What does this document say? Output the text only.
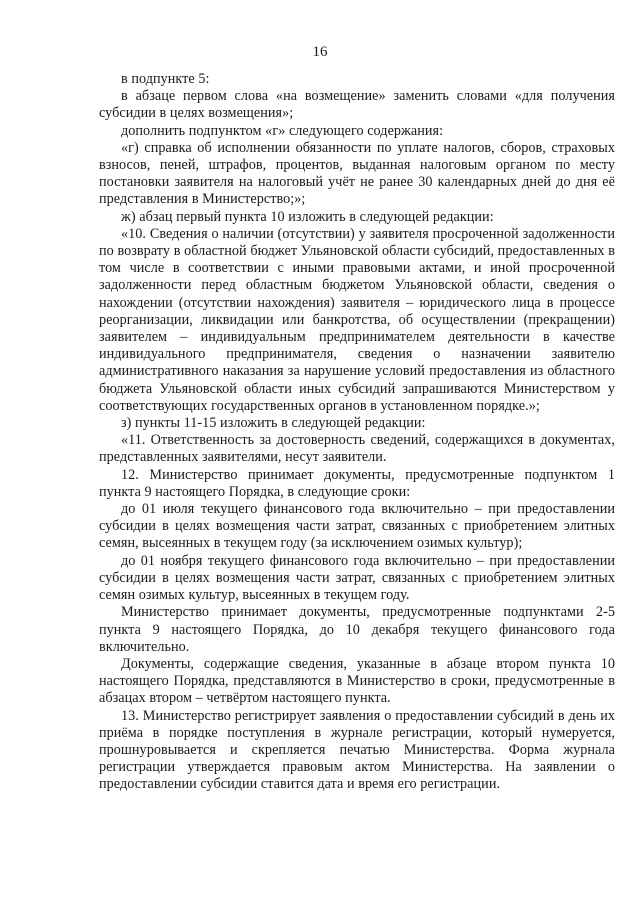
16

в подпункте 5:

в абзаце первом слова «на возмещение» заменить словами «для получения субсидии в целях возмещения»;

дополнить подпунктом «г» следующего содержания:

«г) справка об исполнении обязанности по уплате налогов, сборов, страховых взносов, пеней, штрафов, процентов, выданная налоговым органом по месту постановки заявителя на налоговый учёт не ранее 30 календарных дней до дня её представления в Министерство;»;

ж) абзац первый пункта 10 изложить в следующей редакции:

«10. Сведения о наличии (отсутствии) у заявителя просроченной задолженности по возврату в областной бюджет Ульяновской области субсидий, предоставленных в том числе в соответствии с иными правовыми актами, и иной просроченной задолженности перед областным бюджетом Ульяновской области, сведения о нахождении (отсутствии нахождения) заявителя – юридического лица в процессе реорганизации, ликвидации или банкротства, об осуществлении (прекращении) заявителем – индивидуальным предпринимателем деятельности в качестве индивидуального предпринимателя, сведения о назначении заявителю административного наказания за нарушение условий предоставления из областного бюджета Ульяновской области иных субсидий запрашиваются Министерством у соответствующих государственных органов в установленном порядке.»;

з) пункты 11-15 изложить в следующей редакции:

«11. Ответственность за достоверность сведений, содержащихся в документах, представленных заявителями, несут заявители.

12. Министерство принимает документы, предусмотренные подпунктом 1 пункта 9 настоящего Порядка, в следующие сроки:

до 01 июля текущего финансового года включительно – при предоставлении субсидии в целях возмещения части затрат, связанных с приобретением элитных семян, высеянных в текущем году (за исключением озимых культур);

до 01 ноября текущего финансового года включительно – при предоставлении субсидии в целях возмещения части затрат, связанных с приобретением элитных семян озимых культур, высеянных в текущем году.

Министерство принимает документы, предусмотренные подпунктами 2-5 пункта 9 настоящего Порядка, до 10 декабря текущего финансового года включительно.

Документы, содержащие сведения, указанные в абзаце втором пункта 10 настоящего Порядка, представляются в Министерство в сроки, предусмотренные в абзацах втором – четвёртом настоящего пункта.

13. Министерство регистрирует заявления о предоставлении субсидий в день их приёма в порядке поступления в журнале регистрации, который нумеруется, прошнуровывается и скрепляется печатью Министерства. Форма журнала регистрации утверждается правовым актом Министерства. На заявлении о предоставлении субсидии ставится дата и время его регистрации.
